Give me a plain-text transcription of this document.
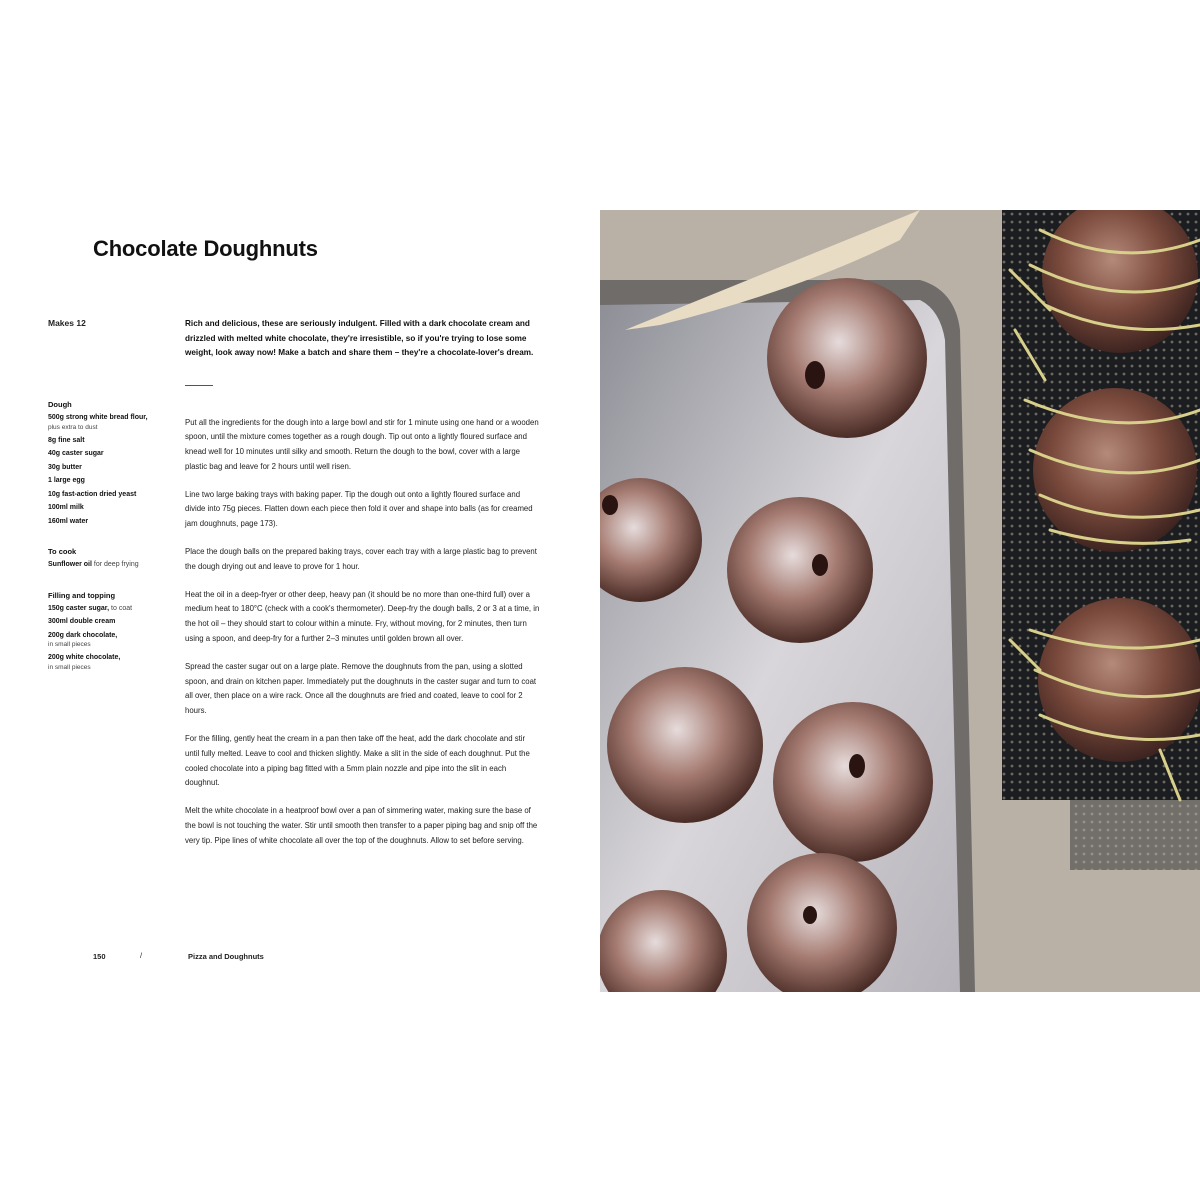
Chocolate Doughnuts
Makes 12
Dough
500g strong white bread flour,
plus extra to dust
8g fine salt
40g caster sugar
30g butter
1 large egg
10g fast-action dried yeast
100ml milk
160ml water
To cook
Sunflower oil for deep frying
Filling and topping
150g caster sugar, to coat
300ml double cream
200g dark chocolate,
in small pieces
200g white chocolate,
in small pieces

Rich and delicious, these are seriously indulgent. Filled with a dark chocolate cream and drizzled with melted white chocolate, they're irresistible, so if you're trying to lose some weight, look away now! Make a batch and share them – they're a chocolate-lover's dream.

Put all the ingredients for the dough into a large bowl and stir for 1 minute using one hand or a wooden spoon, until the mixture comes together as a rough dough. Tip out onto a lightly floured surface and knead well for 10 minutes until silky and smooth. Return the dough to the bowl, cover with a large plastic bag and leave for 2 hours until well risen.

Line two large baking trays with baking paper. Tip the dough out onto a lightly floured surface and divide into 75g pieces. Flatten down each piece then fold it over and shape into balls (as for creamed jam doughnuts, page 173).

Place the dough balls on the prepared baking trays, cover each tray with a large plastic bag to prevent the dough drying out and leave to prove for 1 hour.

Heat the oil in a deep-fryer or other deep, heavy pan (it should be no more than one-third full) over a medium heat to 180°C (check with a cook's thermometer). Deep-fry the dough balls, 2 or 3 at a time, in the hot oil – they should start to colour within a minute. Fry, without moving, for 2 minutes, then turn using a spoon, and deep-fry for a further 2–3 minutes until golden brown all over.

Spread the caster sugar out on a large plate. Remove the doughnuts from the pan, using a slotted spoon, and drain on kitchen paper. Immediately put the doughnuts in the caster sugar and turn to coat all over, then place on a wire rack. Once all the doughnuts are fried and coated, leave to cool for 2 hours.

For the filling, gently heat the cream in a pan then take off the heat, add the dark chocolate and stir until fully melted. Leave to cool and thicken slightly. Make a slit in the side of each doughnut. Put the cooled chocolate into a piping bag fitted with a 5mm plain nozzle and pipe into the slit in each doughnut.

Melt the white chocolate in a heatproof bowl over a pan of simmering water, making sure the base of the bowl is not touching the water. Stir until smooth then transfer to a paper piping bag and snip off the very tip. Pipe lines of white chocolate all over the top of the doughnuts. Allow to set before serving.

150	/	Pizza and Doughnuts
